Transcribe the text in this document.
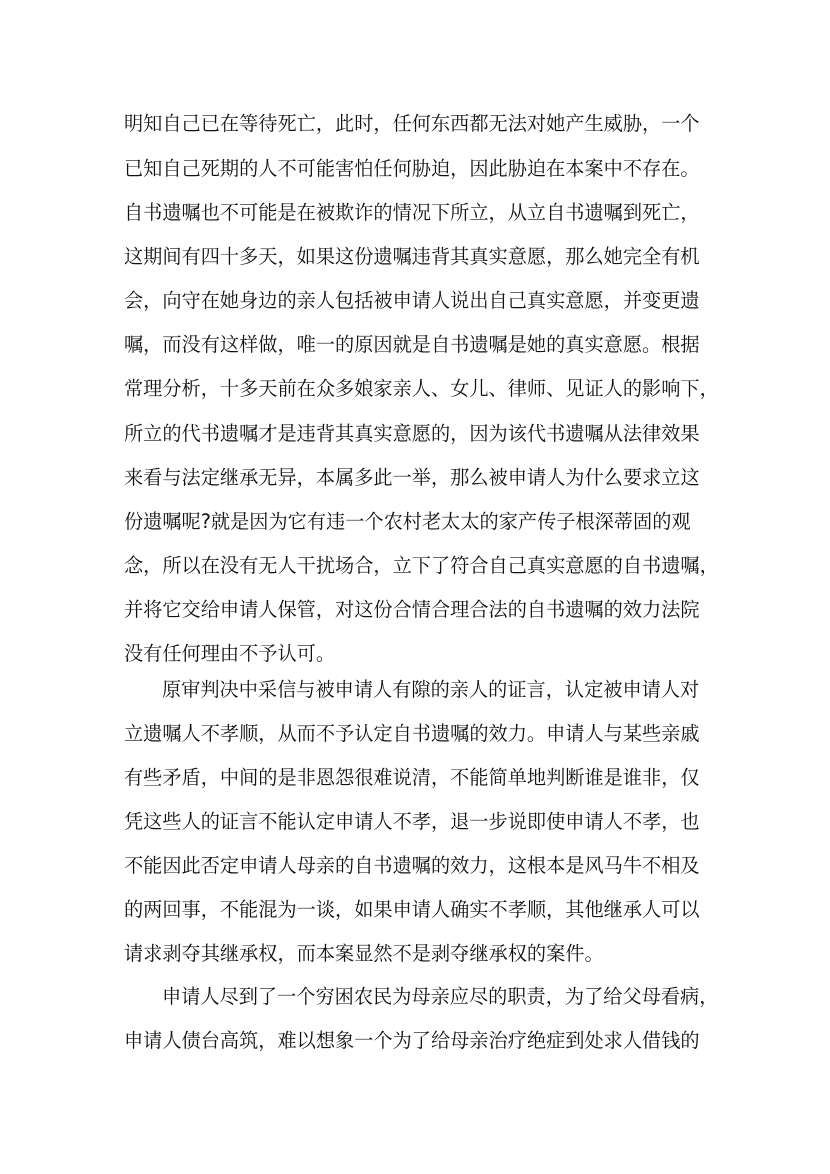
明知自己已在等待死亡，此时，任何东西都无法对她产生威胁，一个
已知自己死期的人不可能害怕任何胁迫，因此胁迫在本案中不存在。
自书遗嘱也不可能是在被欺诈的情况下所立，从立自书遗嘱到死亡，
这期间有四十多天，如果这份遗嘱违背其真实意愿，那么她完全有机
会，向守在她身边的亲人包括被申请人说出自己真实意愿，并变更遗
嘱，而没有这样做，唯一的原因就是自书遗嘱是她的真实意愿。根据
常理分析，十多天前在众多娘家亲人、女儿、律师、见证人的影响下，
所立的代书遗嘱才是违背其真实意愿的，因为该代书遗嘱从法律效果
来看与法定继承无异，本属多此一举，那么被申请人为什么要求立这
份遗嘱呢?就是因为它有违一个农村老太太的家产传子根深蒂固的观
念，所以在没有无人干扰场合，立下了符合自己真实意愿的自书遗嘱，
并将它交给申请人保管，对这份合情合理合法的自书遗嘱的效力法院
没有任何理由不予认可。
原审判决中采信与被申请人有隙的亲人的证言，认定被申请人对
立遗嘱人不孝顺，从而不予认定自书遗嘱的效力。申请人与某些亲戚
有些矛盾，中间的是非恩怨很难说清，不能简单地判断谁是谁非，仅
凭这些人的证言不能认定申请人不孝，退一步说即使申请人不孝，也
不能因此否定申请人母亲的自书遗嘱的效力，这根本是风马牛不相及
的两回事，不能混为一谈，如果申请人确实不孝顺，其他继承人可以
请求剥夺其继承权，而本案显然不是剥夺继承权的案件。
申请人尽到了一个穷困农民为母亲应尽的职责，为了给父母看病，
申请人债台高筑，难以想象一个为了给母亲治疗绝症到处求人借钱的
